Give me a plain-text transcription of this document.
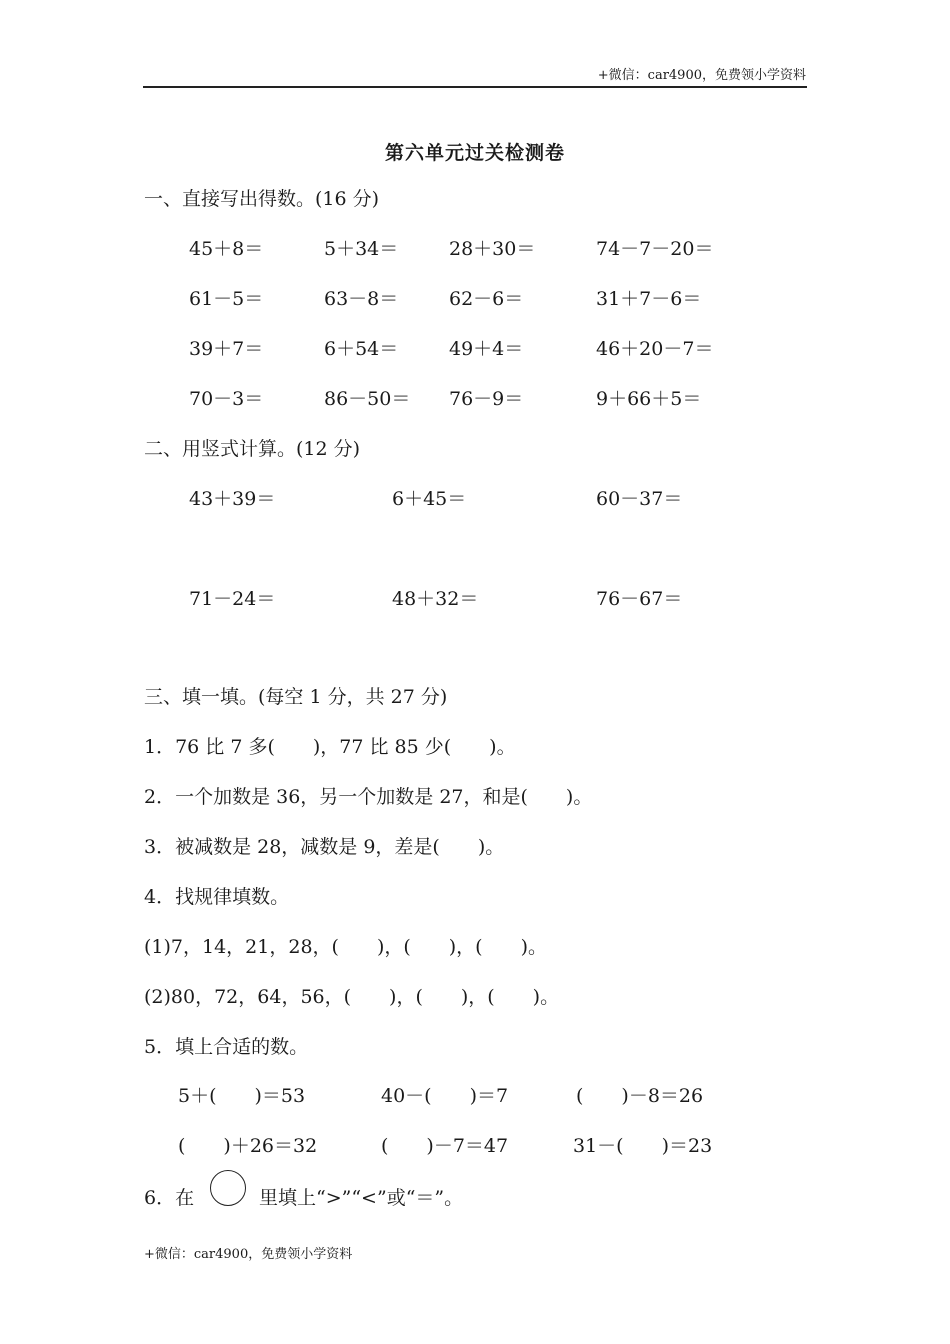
+微信：car4900，免费领小学资料
第六单元过关检测卷
一、直接写出得数。(16 分)
45＋8＝	5＋34＝	28＋30＝	74－7－20＝
61－5＝	63－8＝	62－6＝	31＋7－6＝
39＋7＝	6＋54＝	49＋4＝	46＋20－7＝
70－3＝	86－50＝ 76－9＝	9＋66＋5＝
二、用竖式计算。(12 分)
43＋39＝	6＋45＝	60－37＝
71－24＝	48＋32＝	76－67＝
三、填一填。(每空 1 分，共 27 分)
1．76 比 7 多(　　)，77 比 85 少(　　)。
2．一个加数是 36，另一个加数是 27，和是(　　)。
3．被减数是 28，减数是 9，差是(　　)。
4．找规律填数。
(1)7，14，21，28，(　　)，(　　)，(　　)。
(2)80，72，64，56，(　　)，(　　)，(　　)。
5．填上合适的数。
5＋(　　)＝53	40－(　　)＝7	(　　)－8＝26
(　　)＋26＝32	(　　)－7＝47	31－(　　)＝23
6．在	里填上“>”“<”或“＝”。
+微信：car4900，免费领小学资料
